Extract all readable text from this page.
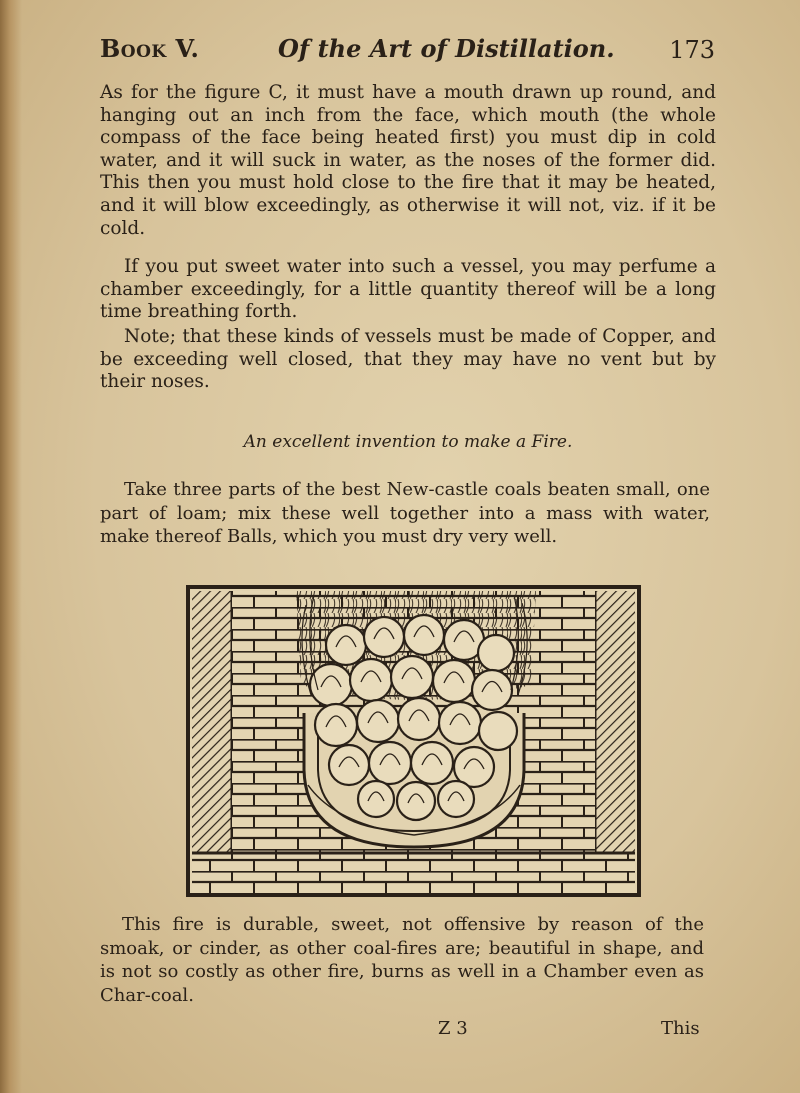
Book V.	Of the Art of Distillation. 173
As for the figure C, it must have a mouth drawn up round, and hanging out an inch from the face, which mouth (the whole compass of the face being heated first) you must dip in cold water, and it will suck in water, as the noses of the former did. This then you must hold close to the fire that it may be heated, and it will blow exceedingly, as otherwise it will not, viz. if it be cold.
If you put sweet water into such a vessel, you may perfume a chamber exceedingly, for a little quantity thereof will be a long time breathing forth.
Note; that these kinds of vessels must be made of Copper, and be exceeding well closed, that they may have no vent but by their noses.
An excellent invention to make a Fire.
Take three parts of the best New-castle coals beaten small, one part of loam; mix these well together into a mass with water, make thereof Balls, which you must dry very well.
This fire is durable, sweet, not offensive by reason of the smoak, or cinder, as other coal-fires are; beautiful in shape, and is not so costly as other fire, burns as well in a Chamber even as Char-coal.
Z 3	This
